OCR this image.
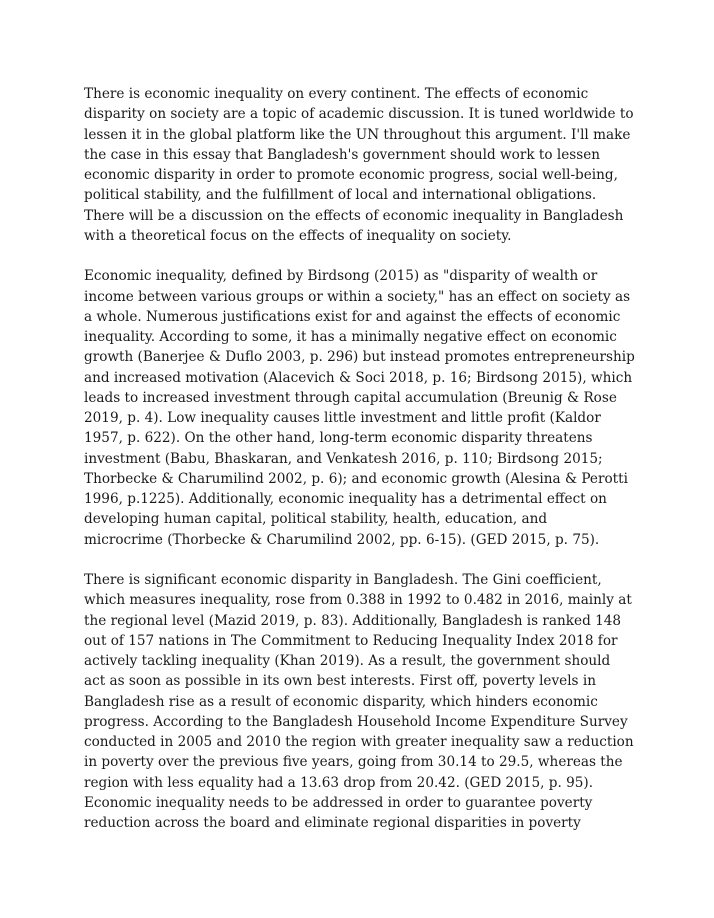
There is economic inequality on every continent. The effects of economic
disparity on society are a topic of academic discussion. It is tuned worldwide to
lessen it in the global platform like the UN throughout this argument. I'll make
the case in this essay that Bangladesh's government should work to lessen
economic disparity in order to promote economic progress, social well-being,
political stability, and the fulfillment of local and international obligations.
There will be a discussion on the effects of economic inequality in Bangladesh
with a theoretical focus on the effects of inequality on society.

Economic inequality, defined by Birdsong (2015) as "disparity of wealth or
income between various groups or within a society," has an effect on society as
a whole. Numerous justifications exist for and against the effects of economic
inequality. According to some, it has a minimally negative effect on economic
growth (Banerjee & Duflo 2003, p. 296) but instead promotes entrepreneurship
and increased motivation (Alacevich & Soci 2018, p. 16; Birdsong 2015), which
leads to increased investment through capital accumulation (Breunig & Rose
2019, p. 4). Low inequality causes little investment and little profit (Kaldor
1957, p. 622). On the other hand, long-term economic disparity threatens
investment (Babu, Bhaskaran, and Venkatesh 2016, p. 110; Birdsong 2015;
Thorbecke & Charumilind 2002, p. 6); and economic growth (Alesina & Perotti
1996, p.1225). Additionally, economic inequality has a detrimental effect on
developing human capital, political stability, health, education, and
microcrime (Thorbecke & Charumilind 2002, pp. 6-15). (GED 2015, p. 75).

There is significant economic disparity in Bangladesh. The Gini coefficient,
which measures inequality, rose from 0.388 in 1992 to 0.482 in 2016, mainly at
the regional level (Mazid 2019, p. 83). Additionally, Bangladesh is ranked 148
out of 157 nations in The Commitment to Reducing Inequality Index 2018 for
actively tackling inequality (Khan 2019). As a result, the government should
act as soon as possible in its own best interests. First off, poverty levels in
Bangladesh rise as a result of economic disparity, which hinders economic
progress. According to the Bangladesh Household Income Expenditure Survey
conducted in 2005 and 2010 the region with greater inequality saw a reduction
in poverty over the previous five years, going from 30.14 to 29.5, whereas the
region with less equality had a 13.63 drop from 20.42. (GED 2015, p. 95).
Economic inequality needs to be addressed in order to guarantee poverty
reduction across the board and eliminate regional disparities in poverty
